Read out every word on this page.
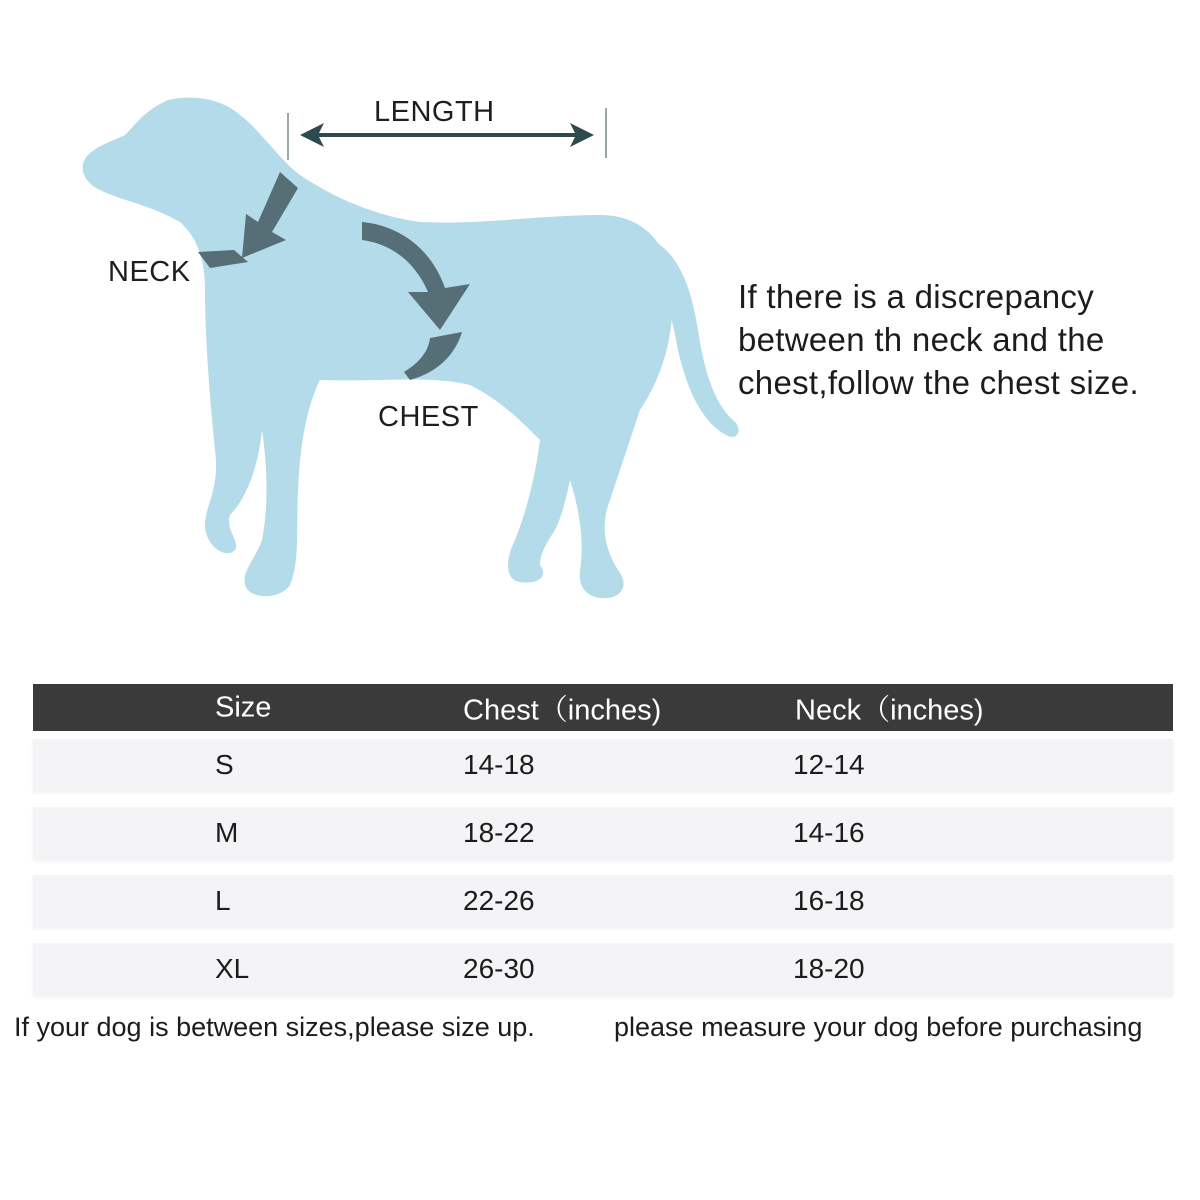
LENGTH
NECK
CHEST
If there is a discrepancy
between th neck and the
chest,follow the chest size.
Size	Chest（inches)	Neck（inches)
S	14-18	12-14
M	18-22	14-16
L	22-26	16-18
XL	26-30	18-20
If your dog is between sizes,please size up.	please measure your dog before purchasing
